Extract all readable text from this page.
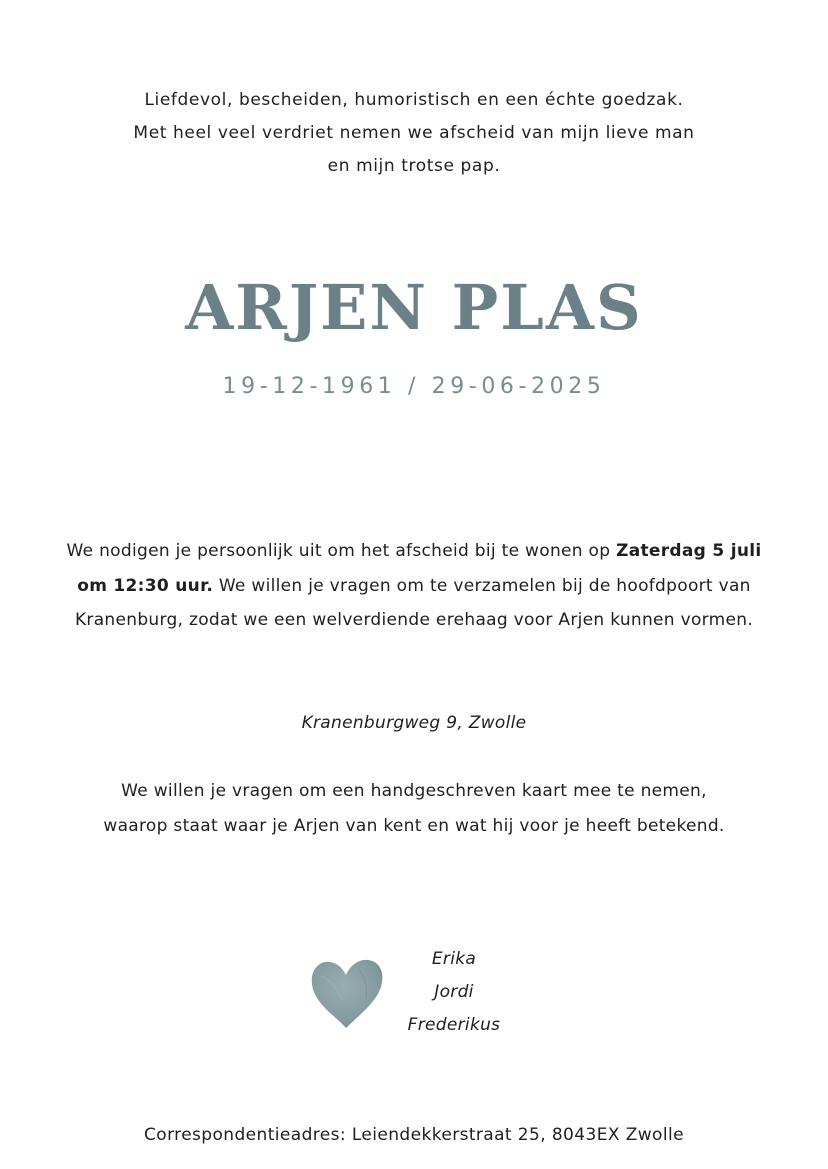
Liefdevol, bescheiden, humoristisch en een échte goedzak.
Met heel veel verdriet nemen we afscheid van mijn lieve man
en mijn trotse pap.
ARJEN PLAS
19-12-1961 / 29-06-2025
We nodigen je persoonlijk uit om het afscheid bij te wonen op Zaterdag 5 juli om 12:30 uur. We willen je vragen om te verzamelen bij de hoofdpoort van Kranenburg, zodat we een welverdiende erehaag voor Arjen kunnen vormen.
Kranenburgweg 9, Zwolle
We willen je vragen om een handgeschreven kaart mee te nemen,
waarop staat waar je Arjen van kent en wat hij voor je heeft betekend.
Erika
Jordi
Frederikus
Correspondentieadres: Leiendekkerstraat 25, 8043EX Zwolle
